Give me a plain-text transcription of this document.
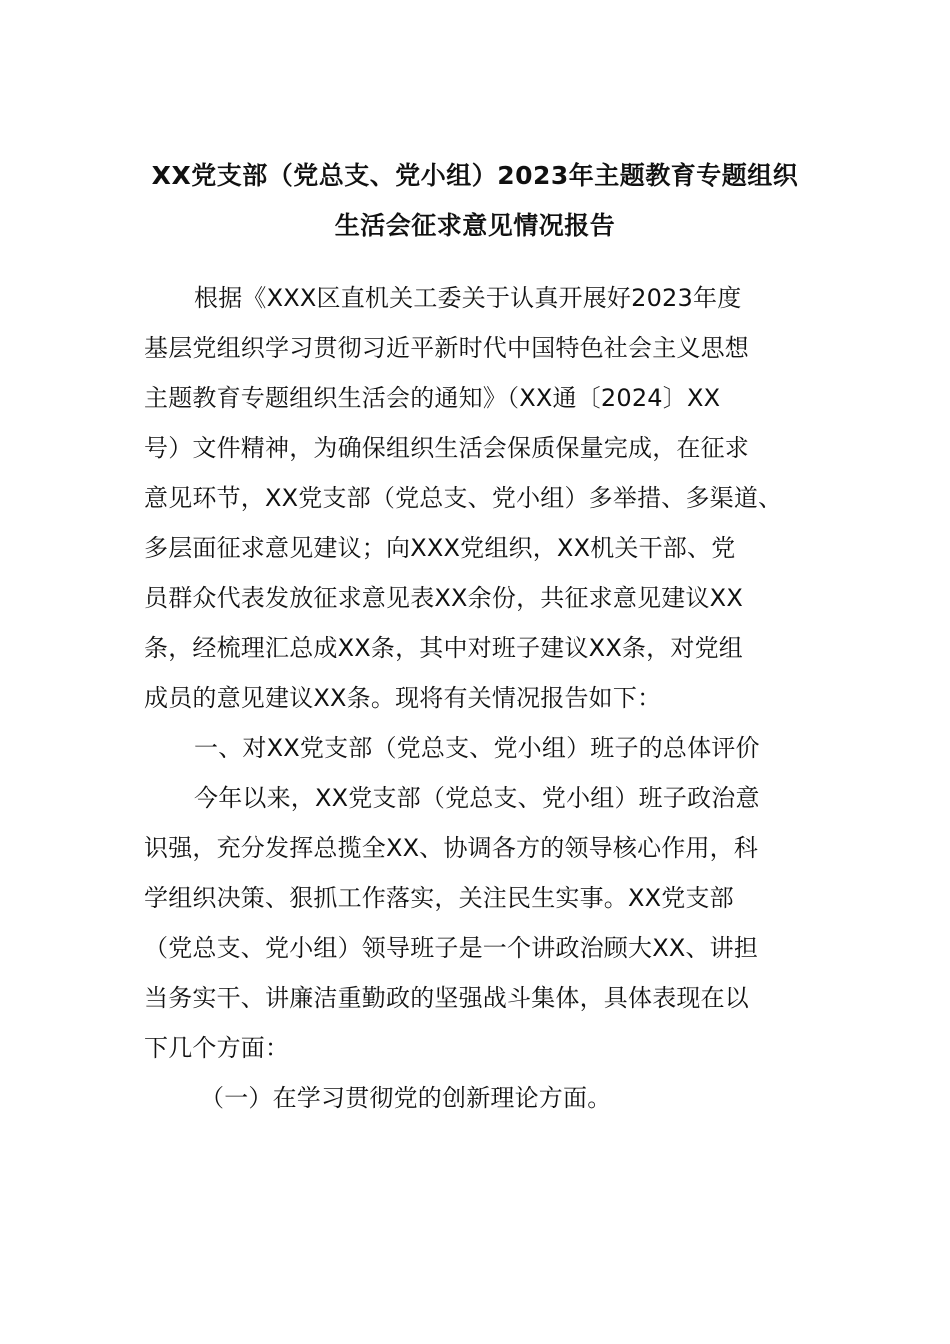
XX党支部（党总支、党小组）2023年主题教育专题组织
生活会征求意见情况报告
根据《XXX区直机关工委关于认真开展好2023年度
基层党组织学习贯彻习近平新时代中国特色社会主义思想
主题教育专题组织生活会的通知》（XX通〔2024〕XX
号）文件精神，为确保组织生活会保质保量完成，在征求
意见环节，XX党支部（党总支、党小组）多举措、多渠道、
多层面征求意见建议；向XXX党组织，XX机关干部、党
员群众代表发放征求意见表XX余份，共征求意见建议XX
条，经梳理汇总成XX条，其中对班子建议XX条，对党组
成员的意见建议XX条。现将有关情况报告如下：
一、对XX党支部（党总支、党小组）班子的总体评价
今年以来，XX党支部（党总支、党小组）班子政治意
识强，充分发挥总揽全XX、协调各方的领导核心作用，科
学组织决策、狠抓工作落实，关注民生实事。XX党支部
（党总支、党小组）领导班子是一个讲政治顾大XX、讲担
当务实干、讲廉洁重勤政的坚强战斗集体，具体表现在以
下几个方面：
（一）在学习贯彻党的创新理论方面。
